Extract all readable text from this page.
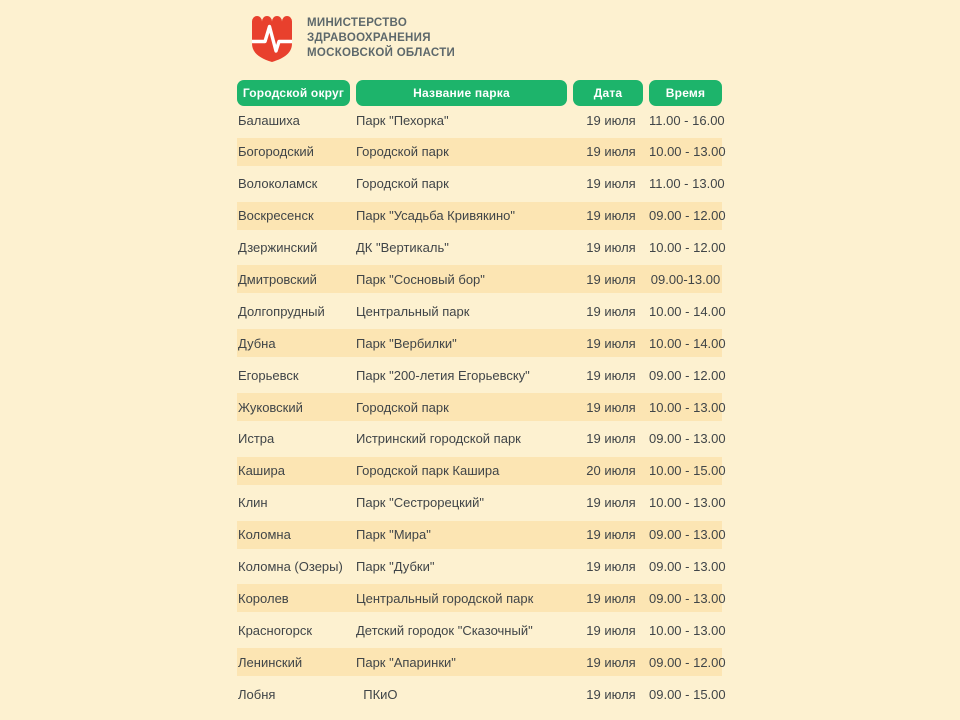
МИНИСТЕРСТВО
ЗДРАВООХРАНЕНИЯ
МОСКОВСКОЙ ОБЛАСТИ
Городской округ	Название парка	Дата	Время
Балашиха	Парк "Пехорка"	19 июля	11.00 - 16.00
Богородский	Городской парк	19 июля	10.00 - 13.00
Волоколамск	Городской парк	19 июля	11.00 - 13.00
Воскресенск	Парк "Усадьба Кривякино"	19 июля	09.00 - 12.00
Дзержинский	ДК "Вертикаль"	19 июля	10.00 - 12.00
Дмитровский	Парк "Сосновый бор"	19 июля	09.00-13.00
Долгопрудный	Центральный парк	19 июля	10.00 - 14.00
Дубна	Парк "Вербилки"	19 июля	10.00 - 14.00
Егорьевск	Парк "200-летия Егорьевску"	19 июля	09.00 - 12.00
Жуковский	Городской парк	19 июля	10.00 - 13.00
Истра	Истринский городской парк	19 июля	09.00 - 13.00
Кашира	Городской парк Кашира	20 июля	10.00 - 15.00
Клин	Парк "Сестрорецкий"	19 июля	10.00 - 13.00
Коломна	Парк "Мира"	19 июля	09.00 - 13.00
Коломна (Озеры)	Парк "Дубки"	19 июля	09.00 - 13.00
Королев	Центральный городской парк	19 июля	09.00 - 13.00
Красногорск	Детский городок "Сказочный"	19 июля	10.00 - 13.00
Ленинский	Парк "Апаринки"	19 июля	09.00 - 12.00
Лобня	ПКиО	19 июля	09.00 - 15.00
